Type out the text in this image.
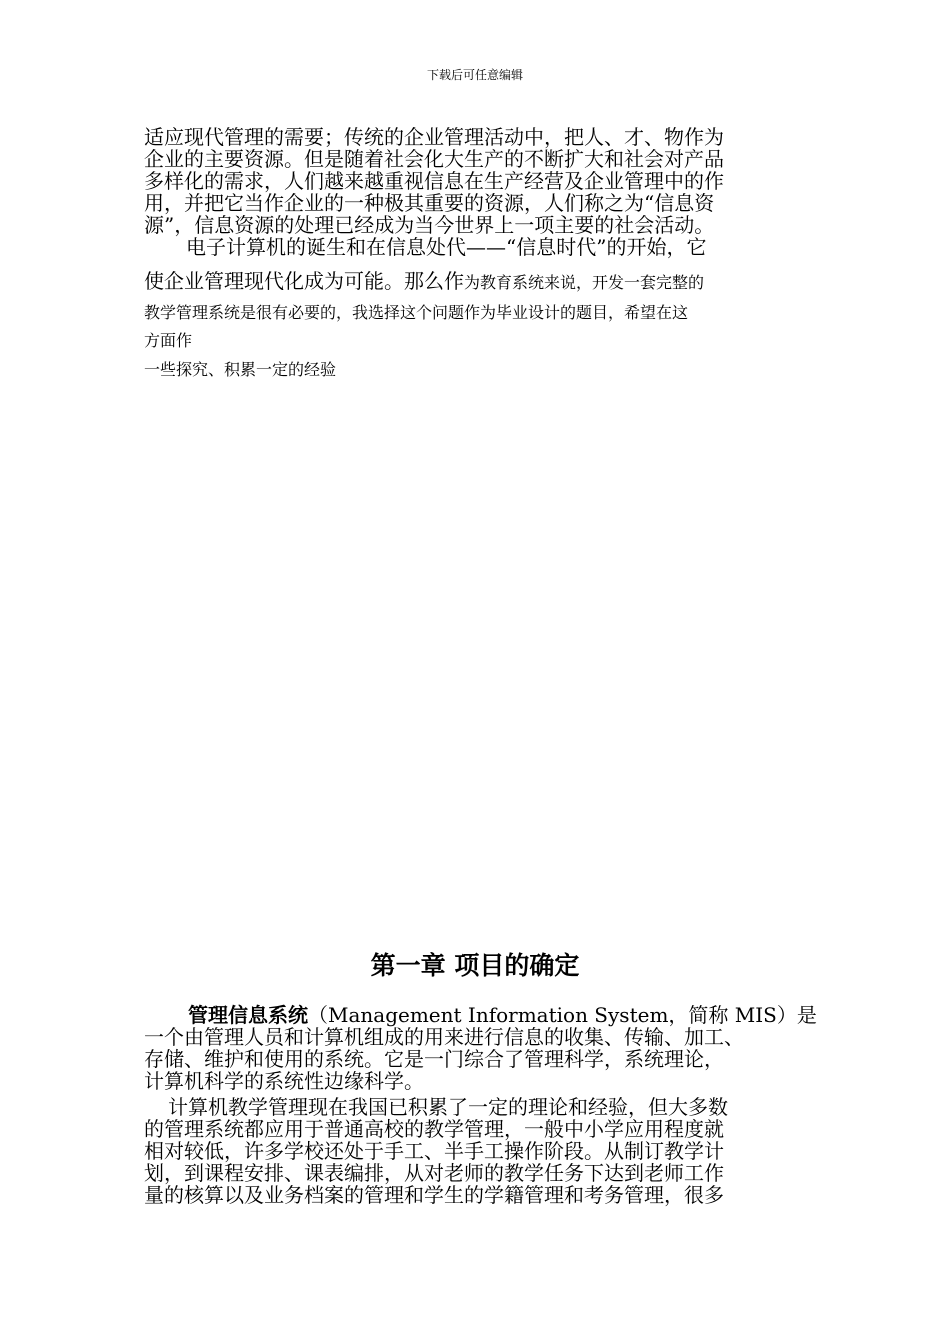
下载后可任意编辑

适应现代管理的需要；传统的企业管理活动中，把人、才、物作为

企业的主要资源。但是随着社会化大生产的不断扩大和社会对产品

多样化的需求，人们越来越重视信息在生产经营及企业管理中的作

用，并把它当作企业的一种极其重要的资源，人们称之为“信息资

源”，信息资源的处理已经成为当今世界上一项主要的社会活动。

电子计算机的诞生和在信息处代——“信息时代”的开始，它

使企业管理现代化成为可能。那么作为教育系统来说，开发一套完整的

教学管理系统是很有必要的，我选择这个问题作为毕业设计的题目，希望在这

方面作

一些探究、积累一定的经验

第一章 项目的确定

管理信息系统（Management Information System，简称 MIS）是

一个由管理人员和计算机组成的用来进行信息的收集、传输、加工、

存储、维护和使用的系统。它是一门综合了管理科学，系统理论，

计算机科学的系统性边缘科学。

计算机教学管理现在我国已积累了一定的理论和经验，但大多数

的管理系统都应用于普通高校的教学管理，一般中小学应用程度就

相对较低，许多学校还处于手工、半手工操作阶段。从制订教学计

划，到课程安排、课表编排，从对老师的教学任务下达到老师工作

量的核算以及业务档案的管理和学生的学籍管理和考务管理，很多
